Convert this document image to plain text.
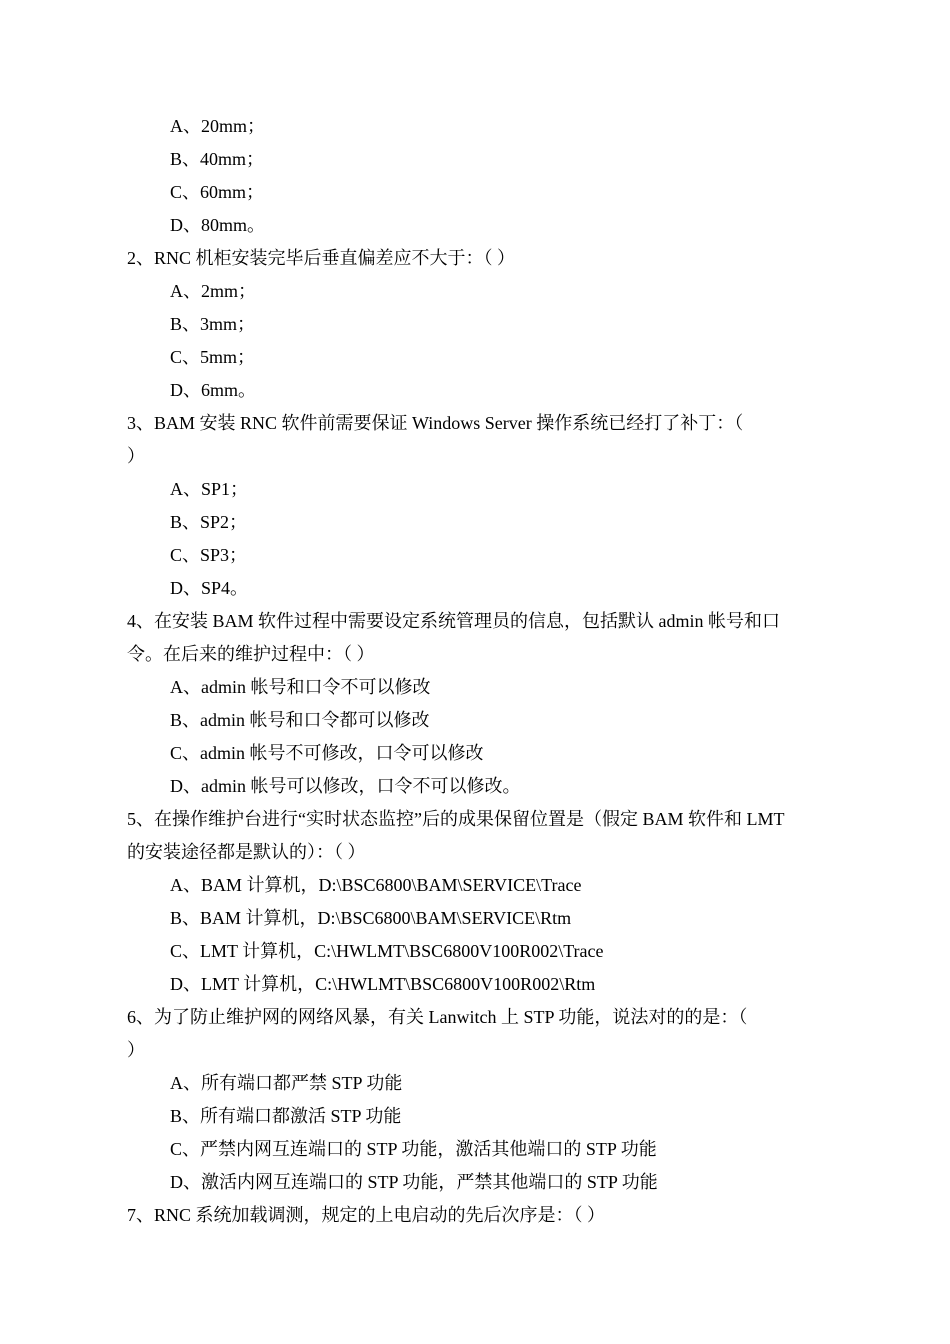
A、20mm；
B、40mm；
C、60mm；
D、80mm。
2、RNC 机柜安装完毕后垂直偏差应不大于：（ ）
A、2mm；
B、3mm；
C、5mm；
D、6mm。
3、BAM 安装 RNC 软件前需要保证 Windows Server 操作系统已经打了补丁：（
）
A、SP1；
B、SP2；
C、SP3；
D、SP4。
4、在安装 BAM 软件过程中需要设定系统管理员的信息，包括默认 admin 帐号和口
令。在后来的维护过程中：（ ）
A、admin 帐号和口令不可以修改
B、admin 帐号和口令都可以修改
C、admin 帐号不可修改，口令可以修改
D、admin 帐号可以修改，口令不可以修改。
5、在操作维护台进行“实时状态监控”后的成果保留位置是（假定 BAM 软件和 LMT
的安装途径都是默认的）：（ ）
A、BAM 计算机，D:\BSC6800\BAM\SERVICE\Trace
B、BAM 计算机，D:\BSC6800\BAM\SERVICE\Rtm
C、LMT 计算机，C:\HWLMT\BSC6800V100R002\Trace
D、LMT 计算机，C:\HWLMT\BSC6800V100R002\Rtm
6、为了防止维护网的网络风暴，有关 Lanwitch 上 STP 功能，说法对的的是：（
）
A、所有端口都严禁 STP 功能
B、所有端口都激活 STP 功能
C、严禁内网互连端口的 STP 功能，激活其他端口的 STP 功能
D、激活内网互连端口的 STP 功能，严禁其他端口的 STP 功能
7、RNC 系统加载调测，规定的上电启动的先后次序是：（ ）
